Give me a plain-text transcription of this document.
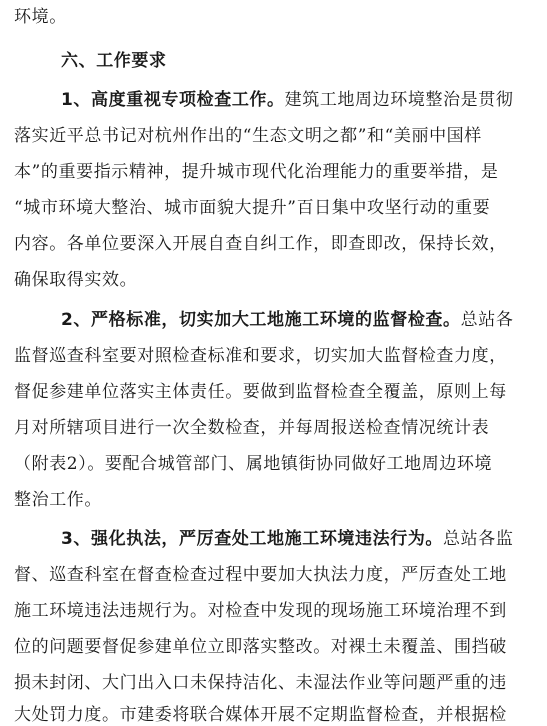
环境。
六、工作要求
1、高度重视专项检查工作。建筑工地周边环境整治是贯彻
落实近平总书记对杭州作出的“生态文明之都”和“美丽中国样
本”的重要指示精神，提升城市现代化治理能力的重要举措，是
“城市环境大整治、城市面貌大提升”百日集中攻坚行动的重要
内容。各单位要深入开展自查自纠工作，即查即改，保持长效，
确保取得实效。
2、严格标准，切实加大工地施工环境的监督检查。总站各
监督巡查科室要对照检查标准和要求，切实加大监督检查力度，
督促参建单位落实主体责任。要做到监督检查全覆盖，原则上每
月对所辖项目进行一次全数检查，并每周报送检查情况统计表
（附表2）。要配合城管部门、属地镇街协同做好工地周边环境
整治工作。
3、强化执法，严厉查处工地施工环境违法行为。总站各监
督、巡查科室在督查检查过程中要加大执法力度，严厉查处工地
施工环境违法违规行为。对检查中发现的现场施工环境治理不到
位的问题要督促参建单位立即落实整改。对裸土未覆盖、围挡破
损未封闭、大门出入口未保持洁化、未湿法作业等问题严重的违
大处罚力度。市建委将联合媒体开展不定期监督检查，并根据检
